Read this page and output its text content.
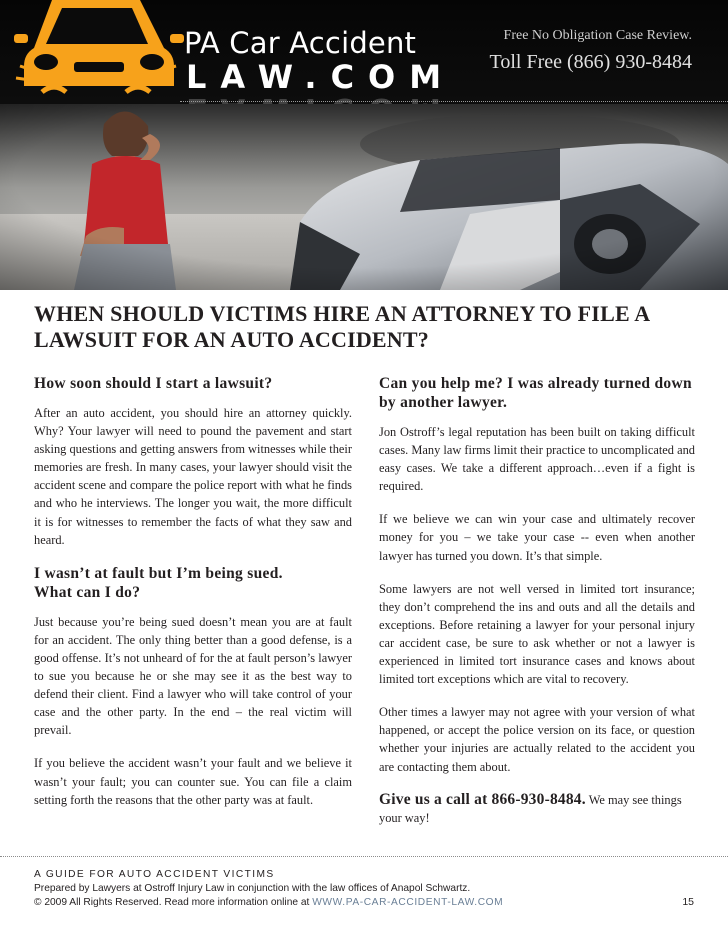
PA Car Accident
LAW.COM
Free No Obligation Case Review.
Toll Free (866) 930-8484
WHEN SHOULD VICTIMS HIRE AN ATTORNEY TO FILE A LAWSUIT FOR AN AUTO ACCIDENT?
How soon should I start a lawsuit?

After an auto accident, you should hire an attorney quickly. Why? Your lawyer will need to pound the pavement and start asking questions and getting answers from witnesses while their memories are fresh. In many cases, your lawyer should visit the accident scene and compare the police report with what he finds and who he interviews. The longer you wait, the more difficult it is for witnesses to remember the facts of what they saw and heard.

I wasn’t at fault but I’m being sued.
What can I do?

Just because you’re being sued doesn’t mean you are at fault for an accident. The only thing better than a good defense, is a good offense. It’s not unheard of for the at fault person’s lawyer to sue you because he or she may see it as the best way to defend their client. Find a lawyer who will take control of your case and the other party. In the end – the real victim will prevail.

If you believe the accident wasn’t your fault and we believe it wasn’t your fault; you can counter sue. You can file a claim setting forth the reasons that the other party was at fault.

Can you help me? I was already turned down by another lawyer.

Jon Ostroff’s legal reputation has been built on taking difficult cases. Many law firms limit their practice to uncomplicated and easy cases. We take a different approach…even if a fight is required.

If we believe we can win your case and ultimately recover money for you – we take your case -- even when another lawyer has turned you down. It’s that simple.

Some lawyers are not well versed in limited tort insurance; they don’t comprehend the ins and outs and all the details and exceptions. Before retaining a lawyer for your personal injury car accident case, be sure to ask whether or not a lawyer is experienced in limited tort insurance cases and knows about limited tort exceptions which are vital to recovery.

Other times a lawyer may not agree with your version of what happened, or accept the police version on its face, or question whether your injuries are actually related to the accident you are contacting them about.

Give us a call at 866-930-8484. We may see things your way!

A GUIDE FOR AUTO ACCIDENT VICTIMS
Prepared by Lawyers at Ostroff Injury Law in conjunction with the law offices of Anapol Schwartz.
© 2009 All Rights Reserved. Read more information online at WWW.PA-CAR-ACCIDENT-LAW.COM	15
